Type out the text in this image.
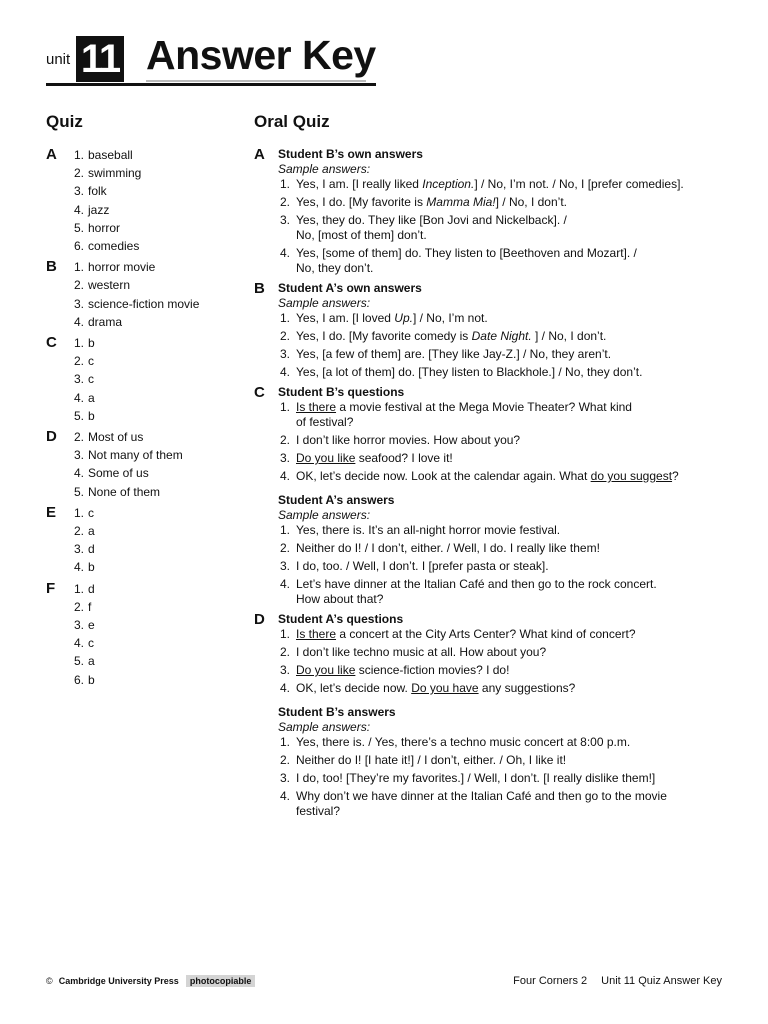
unit 11 Answer Key
Quiz
A	1. baseball
2. swimming
3. folk
4. jazz
5. horror
6. comedies
B	1. horror movie
2. western
3. science-fiction movie
4. drama
C	1. b
2. c
3. c
4. a
5. b
D	2. Most of us
3. Not many of them
4. Some of us
5. None of them
E	1. c
2. a
3. d
4. b
F	1. d
2. f
3. e
4. c
5. a
6. b
Oral Quiz
A Student B’s own answers
Sample answers:
1. Yes, I am. [I really liked Inception.] / No, I’m not. / No, I [prefer comedies].
2. Yes, I do. [My favorite is Mamma Mia!] / No, I don’t.
3. Yes, they do. They like [Bon Jovi and Nickelback]. /
No, [most of them] don’t.
4. Yes, [some of them] do. They listen to [Beethoven and Mozart]. /
No, they don’t.
B Student A’s own answers
Sample answers:
1. Yes, I am. [I loved Up.] / No, I’m not.
2. Yes, I do. [My favorite comedy is Date Night. ] / No, I don’t.
3. Yes, [a few of them] are. [They like Jay-Z.] / No, they aren’t.
4. Yes, [a lot of them] do. [They listen to Blackhole.] / No, they don’t.
C Student B’s questions
1. Is there a movie festival at the Mega Movie Theater? What kind
of festival?
2. I don’t like horror movies. How about you?
3. Do you like seafood? I love it!
4. OK, let’s decide now. Look at the calendar again. What do you suggest?
Student A’s answers
Sample answers:
1. Yes, there is. It’s an all-night horror movie festival.
2. Neither do I! / I don’t, either. / Well, I do. I really like them!
3. I do, too. / Well, I don’t. I [prefer pasta or steak].
4. Let’s have dinner at the Italian Café and then go to the rock concert.
How about that?
D Student A’s questions
1. Is there a concert at the City Arts Center? What kind of concert?
2. I don’t like techno music at all. How about you?
3. Do you like science-fiction movies? I do!
4. OK, let’s decide now. Do you have any suggestions?
Student B’s answers
Sample answers:
1. Yes, there is. / Yes, there’s a techno music concert at 8:00 p.m.
2. Neither do I! [I hate it!] / I don’t, either. / Oh, I like it!
3. I do, too! [They’re my favorites.] / Well, I don’t. [I really dislike them!]
4. Why don’t we have dinner at the Italian Café and then go to the movie
festival?
© Cambridge University Press photocopiable	Four Corners 2 Unit 11 Quiz Answer Key
